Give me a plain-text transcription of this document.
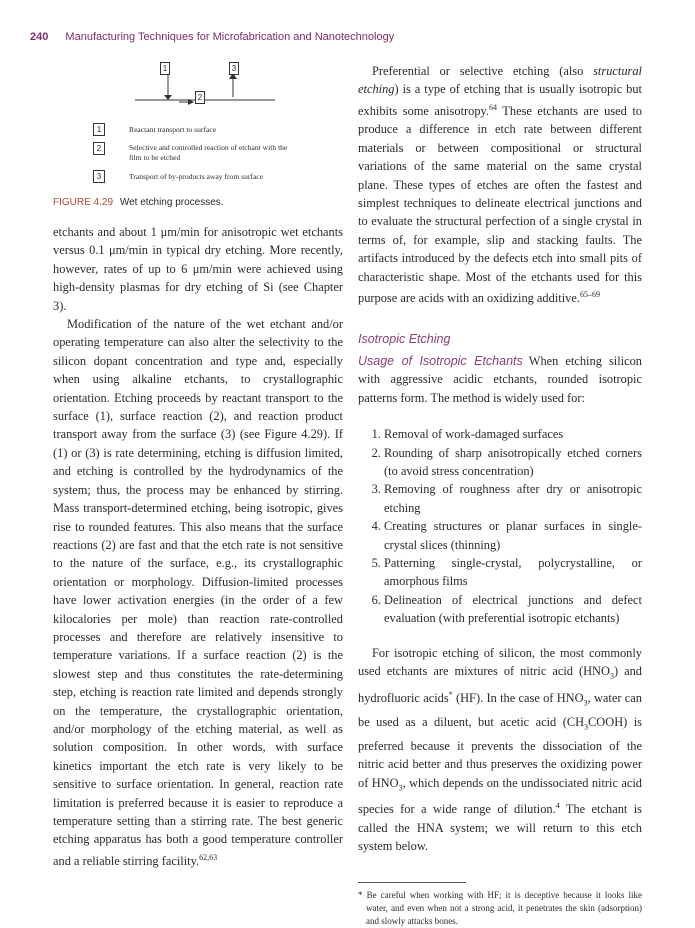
240 Manufacturing Techniques for Microfabrication and Nanotechnology
1
2
3
1	Reactant transport to surface
2	Selective and controlled reaction of etchant with the film to be etched
3	Transport of by-products away from surface
FIGURE 4.29 Wet etching processes.

etchants and about 1 μm/min for anisotropic wet etchants versus 0.1 μm/min in typical dry etching. More recently, however, rates of up to 6 μm/min were achieved using high-density plasmas for dry etching of Si (see Chapter 3).

Modification of the nature of the wet etchant and/or operating temperature can also alter the selectivity to the silicon dopant concentration and type and, especially when using alkaline etchants, to crystallographic orientation. Etching proceeds by reactant transport to the surface (1), surface reaction (2), and reaction product transport away from the surface (3) (see Figure 4.29). If (1) or (3) is rate determining, etching is diffusion limited, and etching is controlled by the hydrodynamics of the system; thus, the process may be enhanced by stirring. Mass transport-determined etching, being isotropic, gives rise to rounded features. This also means that the surface reactions (2) are fast and that the etch rate is not sensitive to the nature of the surface, e.g., its crystallographic orientation or morphology. Diffusion-limited processes have lower activation energies (in the order of a few kilocalories per mole) than reaction rate-controlled processes and therefore are relatively insensitive to temperature variations. If a surface reaction (2) is the slowest step and thus constitutes the rate-determining step, etching is reaction rate limited and depends strongly on the temperature, the crystallographic orientation, and/or morphology of the etching material, as well as solution composition. In other words, with surface kinetics important the etch rate is very likely to be sensitive to surface orientation. In general, reaction rate limitation is preferred because it is easier to reproduce a temperature setting than a stirring rate. The best generic etching apparatus has both a good temperature controller and a reliable stirring facility.$^{62,63}$

Preferential or selective etching (also structural etching) is a type of etching that is usually isotropic but exhibits some anisotropy.$^{64}$ These etchants are used to produce a difference in etch rate between different materials or between compositional or structural variations of the same material on the same crystal plane. These types of etches are often the fastest and simplest techniques to delineate electrical junctions and to evaluate the structural perfection of a single crystal in terms of, for example, slip and stacking faults. The artifacts introduced by the defects etch into small pits of characteristic shape. Most of the etchants used for this purpose are acids with an oxidizing additive.$^{65-69}$

Isotropic Etching

Usage of Isotropic Etchants When etching silicon with aggressive acidic etchants, rounded isotropic patterns form. The method is widely used for:

1. Removal of work-damaged surfaces
2. Rounding of sharp anisotropically etched corners (to avoid stress concentration)
3. Removing of roughness after dry or anisotropic etching
4. Creating structures or planar surfaces in single-crystal slices (thinning)
5. Patterning single-crystal, polycrystalline, or amorphous films
6. Delineation of electrical junctions and defect evaluation (with preferential isotropic etchants)

For isotropic etching of silicon, the most commonly used etchants are mixtures of nitric acid $(HNO_3)$ and hydrofluoric acids* (HF). In the case of $HNO_3$, water can be used as a diluent, but acetic acid $(CH_3COOH)$ is preferred because it prevents the dissociation of the nitric acid better and thus preserves the oxidizing power of $HNO_3$, which depends on the undissociated nitric acid species for a wide range of dilution.$^4$ The etchant is called the HNA system; we will return to this etch system below.

* Be careful when working with HF; it is deceptive because it looks like water, and even when not a strong acid, it penetrates the skin (adsorption) and slowly attacks bones.
